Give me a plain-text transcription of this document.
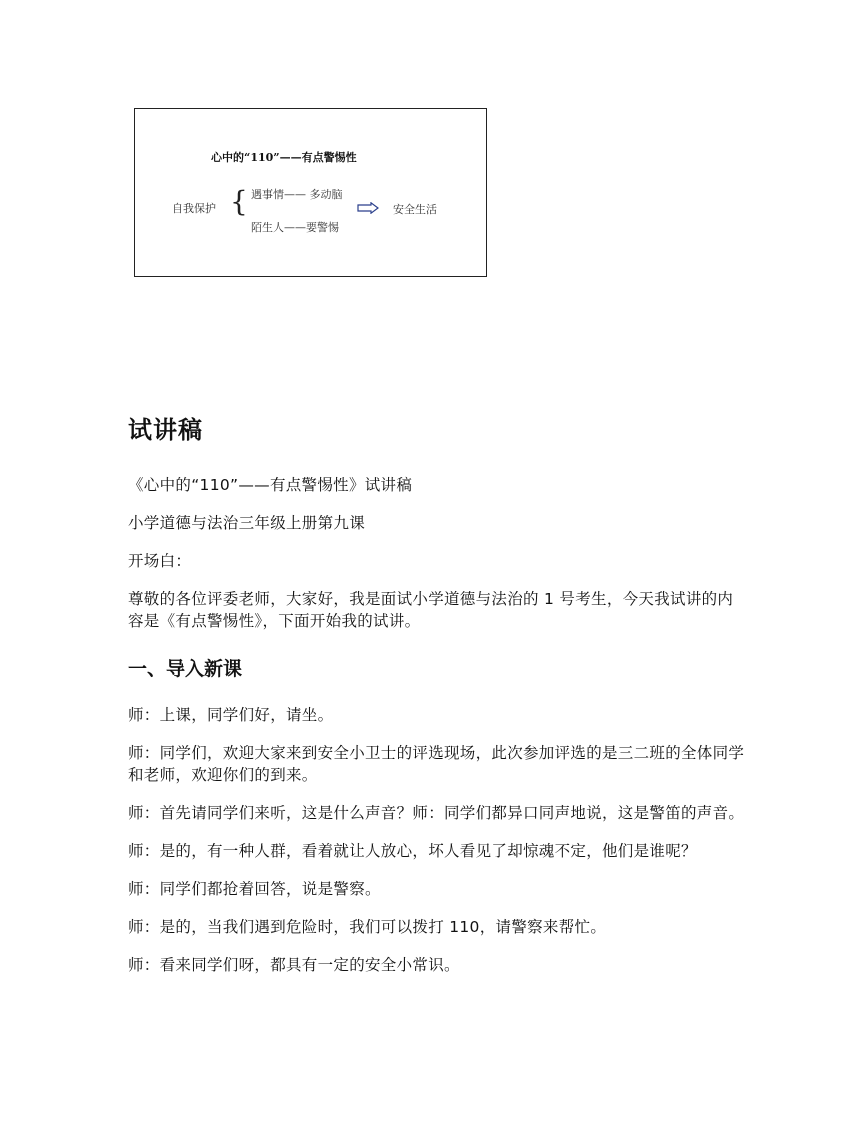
心中的“110”——有点警惕性
自我保护 { 遇事情—— 多动脑
陌生人——要警惕
安全生活
试讲稿

《心中的“110”——有点警惕性》试讲稿

小学道德与法治三年级上册第九课

开场白：

尊敬的各位评委老师，大家好，我是面试小学道德与法治的 1 号考生，今天我试讲的内容是《有点警惕性》，下面开始我的试讲。

一、导入新课

师：上课，同学们好，请坐。

师：同学们，欢迎大家来到安全小卫士的评选现场，此次参加评选的是三二班的全体同学和老师，欢迎你们的到来。

师：首先请同学们来听，这是什么声音？师：同学们都异口同声地说，这是警笛的声音。

师：是的，有一种人群，看着就让人放心，坏人看见了却惊魂不定，他们是谁呢？

师：同学们都抢着回答，说是警察。

师：是的，当我们遇到危险时，我们可以拨打 110，请警察来帮忙。

师：看来同学们呀，都具有一定的安全小常识。
